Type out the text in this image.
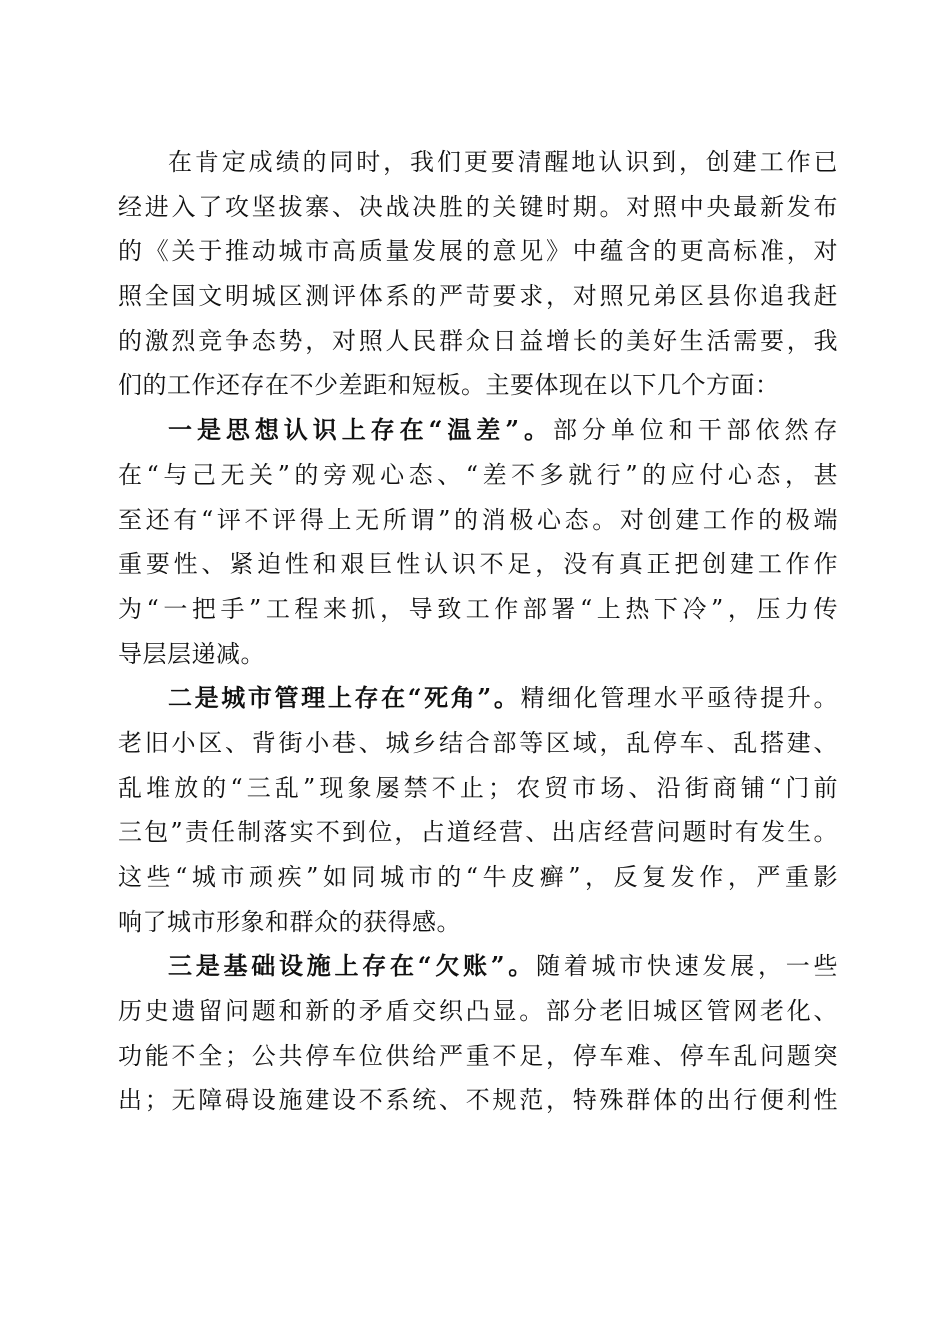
在肯定成绩的同时，我们更要清醒地认识到，创建工作已
经进入了攻坚拔寨、决战决胜的关键时期。对照中央最新发布
的《关于推动城市高质量发展的意见》中蕴含的更高标准，对
照全国文明城区测评体系的严苛要求，对照兄弟区县你追我赶
的激烈竞争态势，对照人民群众日益增长的美好生活需要，我
们的工作还存在不少差距和短板。主要体现在以下几个方面：
一是思想认识上存在“温差”。部分单位和干部依然存
在“与己无关”的旁观心态、“差不多就行”的应付心态，甚
至还有“评不评得上无所谓”的消极心态。对创建工作的极端
重要性、紧迫性和艰巨性认识不足，没有真正把创建工作作
为“一把手”工程来抓，导致工作部署“上热下冷”，压力传
导层层递减。
二是城市管理上存在“死角”。精细化管理水平亟待提升。
老旧小区、背街小巷、城乡结合部等区域，乱停车、乱搭建、
乱堆放的“三乱”现象屡禁不止；农贸市场、沿街商铺“门前
三包”责任制落实不到位，占道经营、出店经营问题时有发生。
这些“城市顽疾”如同城市的“牛皮癣”，反复发作，严重影
响了城市形象和群众的获得感。
三是基础设施上存在“欠账”。随着城市快速发展，一些
历史遗留问题和新的矛盾交织凸显。部分老旧城区管网老化、
功能不全；公共停车位供给严重不足，停车难、停车乱问题突
出；无障碍设施建设不系统、不规范，特殊群体的出行便利性
